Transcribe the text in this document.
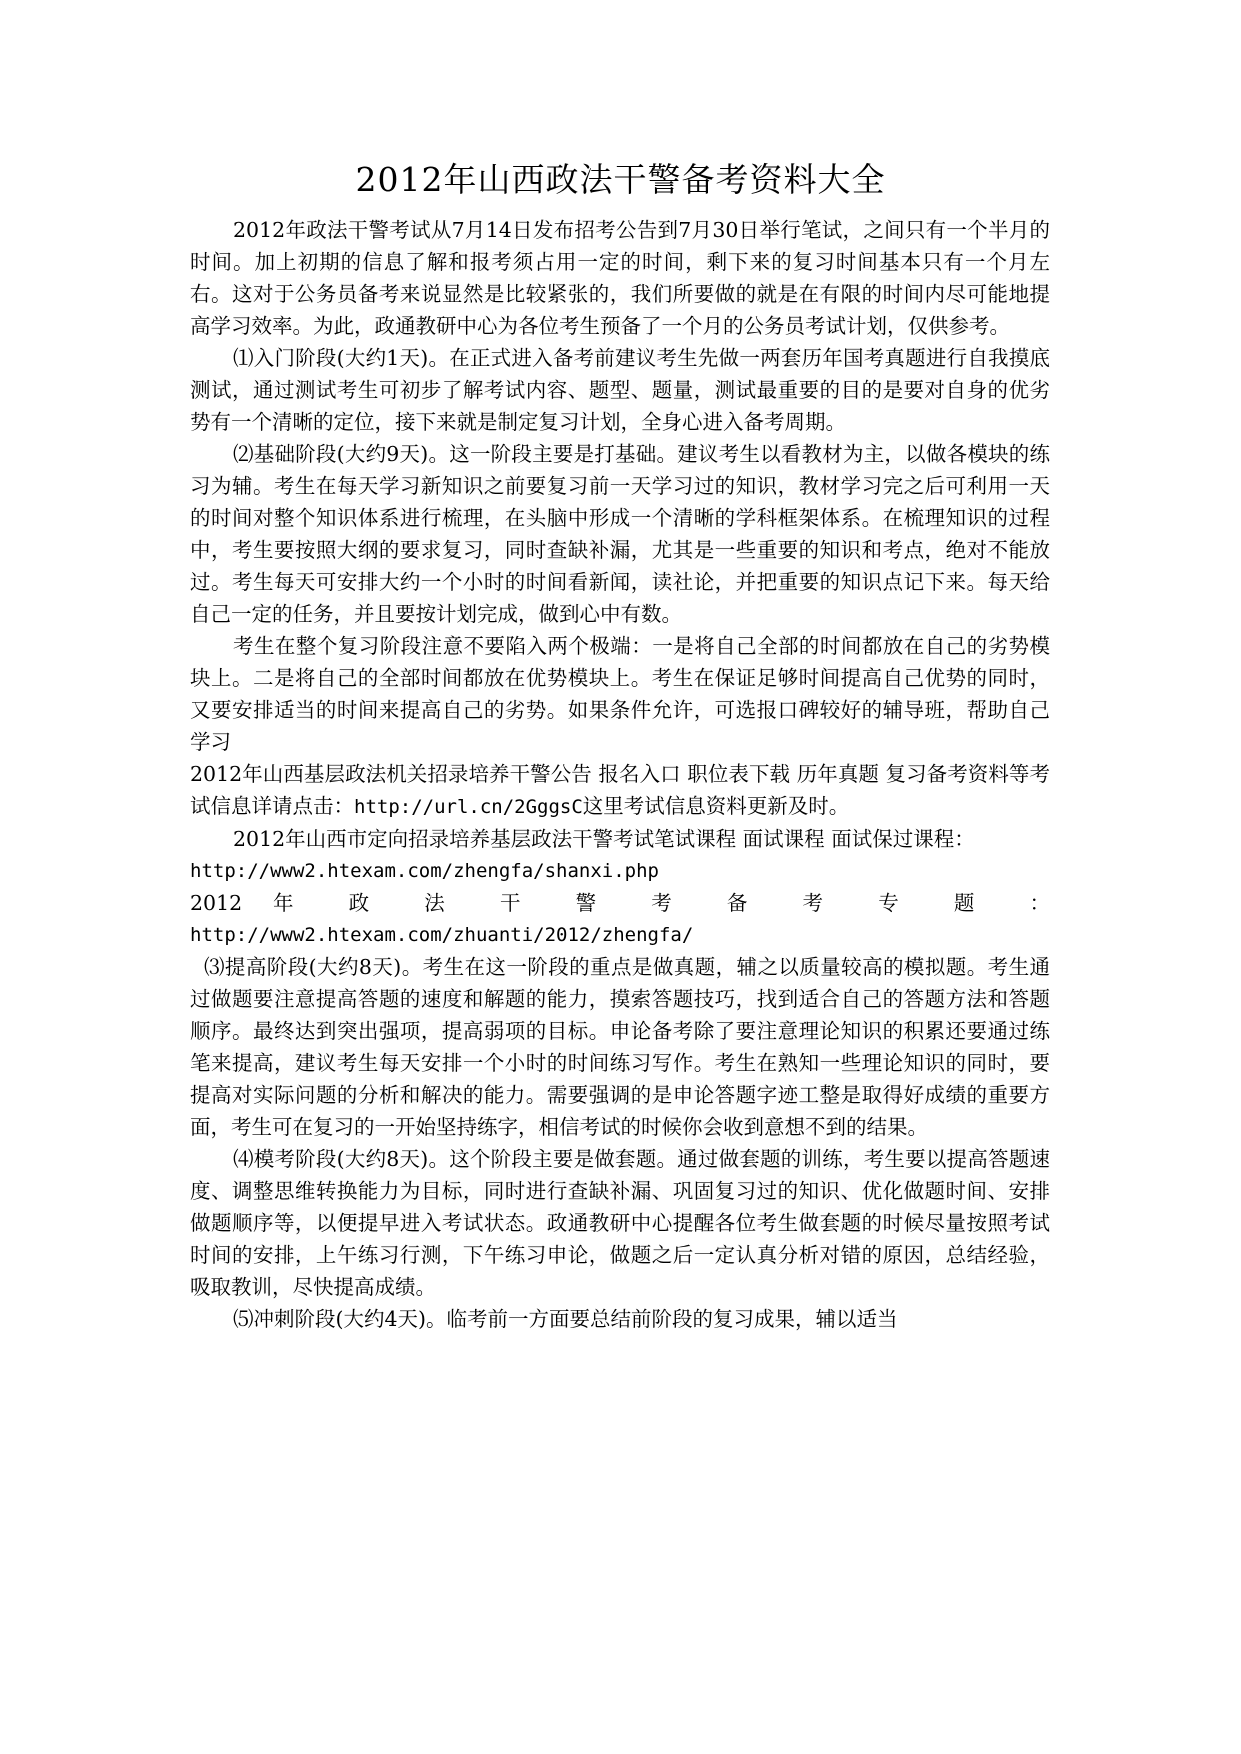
2012年山西政法干警备考资料大全

2012年政法干警考试从7月14日发布招考公告到7月30日举行笔试，之间只有一个半月的时间。加上初期的信息了解和报考须占用一定的时间，剩下来的复习时间基本只有一个月左右。这对于公务员备考来说显然是比较紧张的，我们所要做的就是在有限的时间内尽可能地提高学习效率。为此，政通教研中心为各位考生预备了一个月的公务员考试计划，仅供参考。

⑴入门阶段(大约1天)。在正式进入备考前建议考生先做一两套历年国考真题进行自我摸底测试，通过测试考生可初步了解考试内容、题型、题量，测试最重要的目的是要对自身的优劣势有一个清晰的定位，接下来就是制定复习计划，全身心进入备考周期。

⑵基础阶段(大约9天)。这一阶段主要是打基础。建议考生以看教材为主，以做各模块的练习为辅。考生在每天学习新知识之前要复习前一天学习过的知识，教材学习完之后可利用一天的时间对整个知识体系进行梳理，在头脑中形成一个清晰的学科框架体系。在梳理知识的过程中，考生要按照大纲的要求复习，同时查缺补漏，尤其是一些重要的知识和考点，绝对不能放过。考生每天可安排大约一个小时的时间看新闻，读社论，并把重要的知识点记下来。每天给自己一定的任务，并且要按计划完成，做到心中有数。

考生在整个复习阶段注意不要陷入两个极端：一是将自己全部的时间都放在自己的劣势模块上。二是将自己的全部时间都放在优势模块上。考生在保证足够时间提高自己优势的同时，又要安排适当的时间来提高自己的劣势。如果条件允许，可选报口碑较好的辅导班，帮助自己学习

2012年山西基层政法机关招录培养干警公告 报名入口 职位表下载 历年真题 复习备考资料等考试信息详请点击：http://url.cn/2GggsC这里考试信息资料更新及时。

2012年山西市定向招录培养基层政法干警考试笔试课程 面试课程 面试保过课程：

http://www2.htexam.com/zhengfa/shanxi.php

2012 年 政 法 干 警 考 备 考 专 题 ：

http://www2.htexam.com/zhuanti/2012/zhengfa/

⑶提高阶段(大约8天)。考生在这一阶段的重点是做真题，辅之以质量较高的模拟题。考生通过做题要注意提高答题的速度和解题的能力，摸索答题技巧，找到适合自己的答题方法和答题顺序。最终达到突出强项，提高弱项的目标。申论备考除了要注意理论知识的积累还要通过练笔来提高，建议考生每天安排一个小时的时间练习写作。考生在熟知一些理论知识的同时，要提高对实际问题的分析和解决的能力。需要强调的是申论答题字迹工整是取得好成绩的重要方面，考生可在复习的一开始坚持练字，相信考试的时候你会收到意想不到的结果。

⑷模考阶段(大约8天)。这个阶段主要是做套题。通过做套题的训练，考生要以提高答题速度、调整思维转换能力为目标，同时进行查缺补漏、巩固复习过的知识、优化做题时间、安排做题顺序等，以便提早进入考试状态。政通教研中心提醒各位考生做套题的时候尽量按照考试时间的安排，上午练习行测，下午练习申论，做题之后一定认真分析对错的原因，总结经验，吸取教训，尽快提高成绩。

⑸冲刺阶段(大约4天)。临考前一方面要总结前阶段的复习成果，辅以适当
